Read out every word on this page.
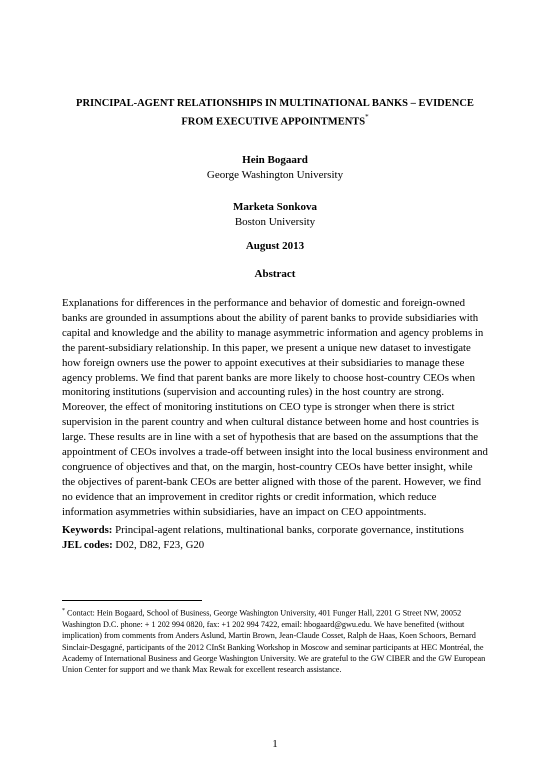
PRINCIPAL-AGENT RELATIONSHIPS IN MULTINATIONAL BANKS – EVIDENCE
FROM EXECUTIVE APPOINTMENTS*
Hein Bogaard
George Washington University
Marketa Sonkova
Boston University
August 2013
Abstract
Explanations for differences in the performance and behavior of domestic and foreign-owned banks are grounded in assumptions about the ability of parent banks to provide subsidiaries with capital and knowledge and the ability to manage asymmetric information and agency problems in the parent-subsidiary relationship. In this paper, we present a unique new dataset to investigate how foreign owners use the power to appoint executives at their subsidiaries to manage these agency problems. We find that parent banks are more likely to choose host-country CEOs when monitoring institutions (supervision and accounting rules) in the host country are strong. Moreover, the effect of monitoring institutions on CEO type is stronger when there is strict supervision in the parent country and when cultural distance between home and host countries is large. These results are in line with a set of hypothesis that are based on the assumptions that the appointment of CEOs involves a trade-off between insight into the local business environment and congruence of objectives and that, on the margin, host-country CEOs have better insight, while the objectives of parent-bank CEOs are better aligned with those of the parent. However, we find no evidence that an improvement in creditor rights or credit information, which reduce information asymmetries within subsidiaries, have an impact on CEO appointments.
Keywords: Principal-agent relations, multinational banks, corporate governance, institutions
JEL codes: D02, D82, F23, G20
* Contact: Hein Bogaard, School of Business, George Washington University, 401 Funger Hall, 2201 G Street NW, 20052 Washington D.C. phone: + 1 202 994 0820, fax: +1 202 994 7422, email: hbogaard@gwu.edu. We have benefited (without implication) from comments from Anders Aslund, Martin Brown, Jean-Claude Cosset, Ralph de Haas, Koen Schoors, Bernard Sinclair-Desgagné, participants of the 2012 CInSt Banking Workshop in Moscow and seminar participants at HEC Montréal, the Academy of International Business and George Washington University. We are grateful to the GW CIBER and the GW European Union Center for support and we thank Max Rewak for excellent research assistance.
1
